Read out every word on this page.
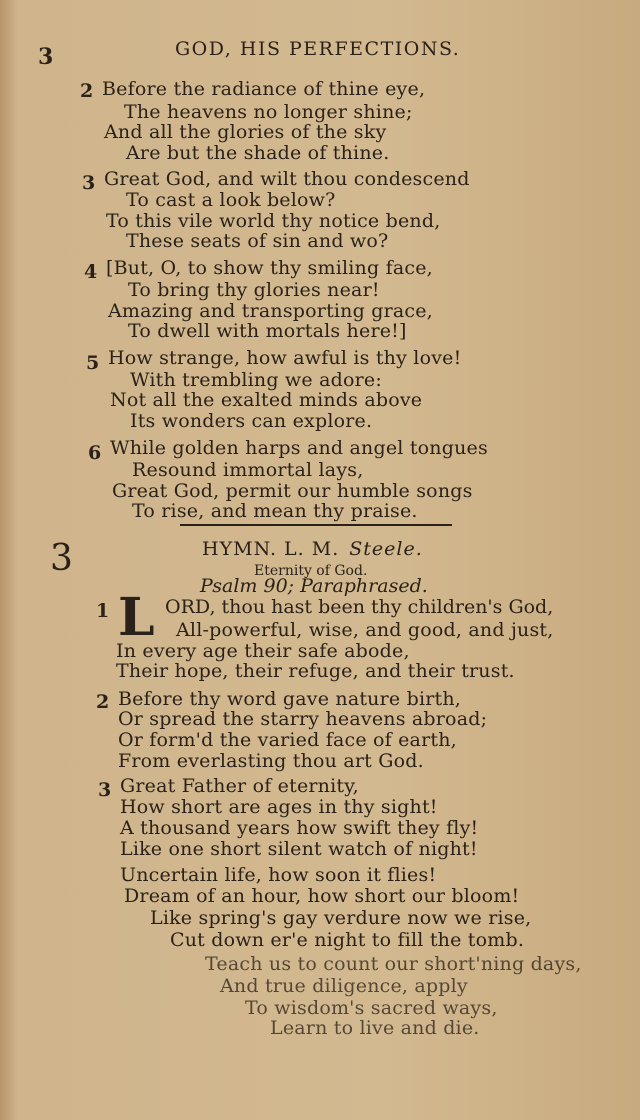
3	GOD, HIS PERFECTIONS.
2 Before the radiance of thine eye,
The heavens no longer shine;
And all the glories of the sky
Are but the shade of thine.
3 Great God, and wilt thou condescend
To cast a look below?
To this vile world thy notice bend,
These seats of sin and wo?
4 [But, O, to show thy smiling face,
To bring thy glories near!
Amazing and transporting grace,
To dwell with mortals here!]
5 How strange, how awful is thy love!
With trembling we adore:
Not all the exalted minds above
Its wonders can explore.
6 While golden harps and angel tongues
Resound immortal lays,
Great God, permit our humble songs
To rise, and mean thy praise.
3	HYMN. L. M. Steele.
Eternity of God.
Psalm 90; Paraphrased.
1 L ORD, thou hast been thy children's God,
All-powerful, wise, and good, and just,
In every age their safe abode,
Their hope, their refuge, and their trust.
2 Before thy word gave nature birth,
Or spread the starry heavens abroad;
Or form'd the varied face of earth,
From everlasting thou art God.
3 Great Father of eternity,
How short are ages in thy sight!
A thousand years how swift they fly!
Like one short silent watch of night!
Uncertain life, how soon it flies!
Dream of an hour, how short our bloom!
Like spring's gay verdure now we rise,
Cut down er'e night to fill the tomb.
Teach us to count our short'ning days,
And true diligence, apply
To wisdom's sacred ways,
Learn to live and die.
